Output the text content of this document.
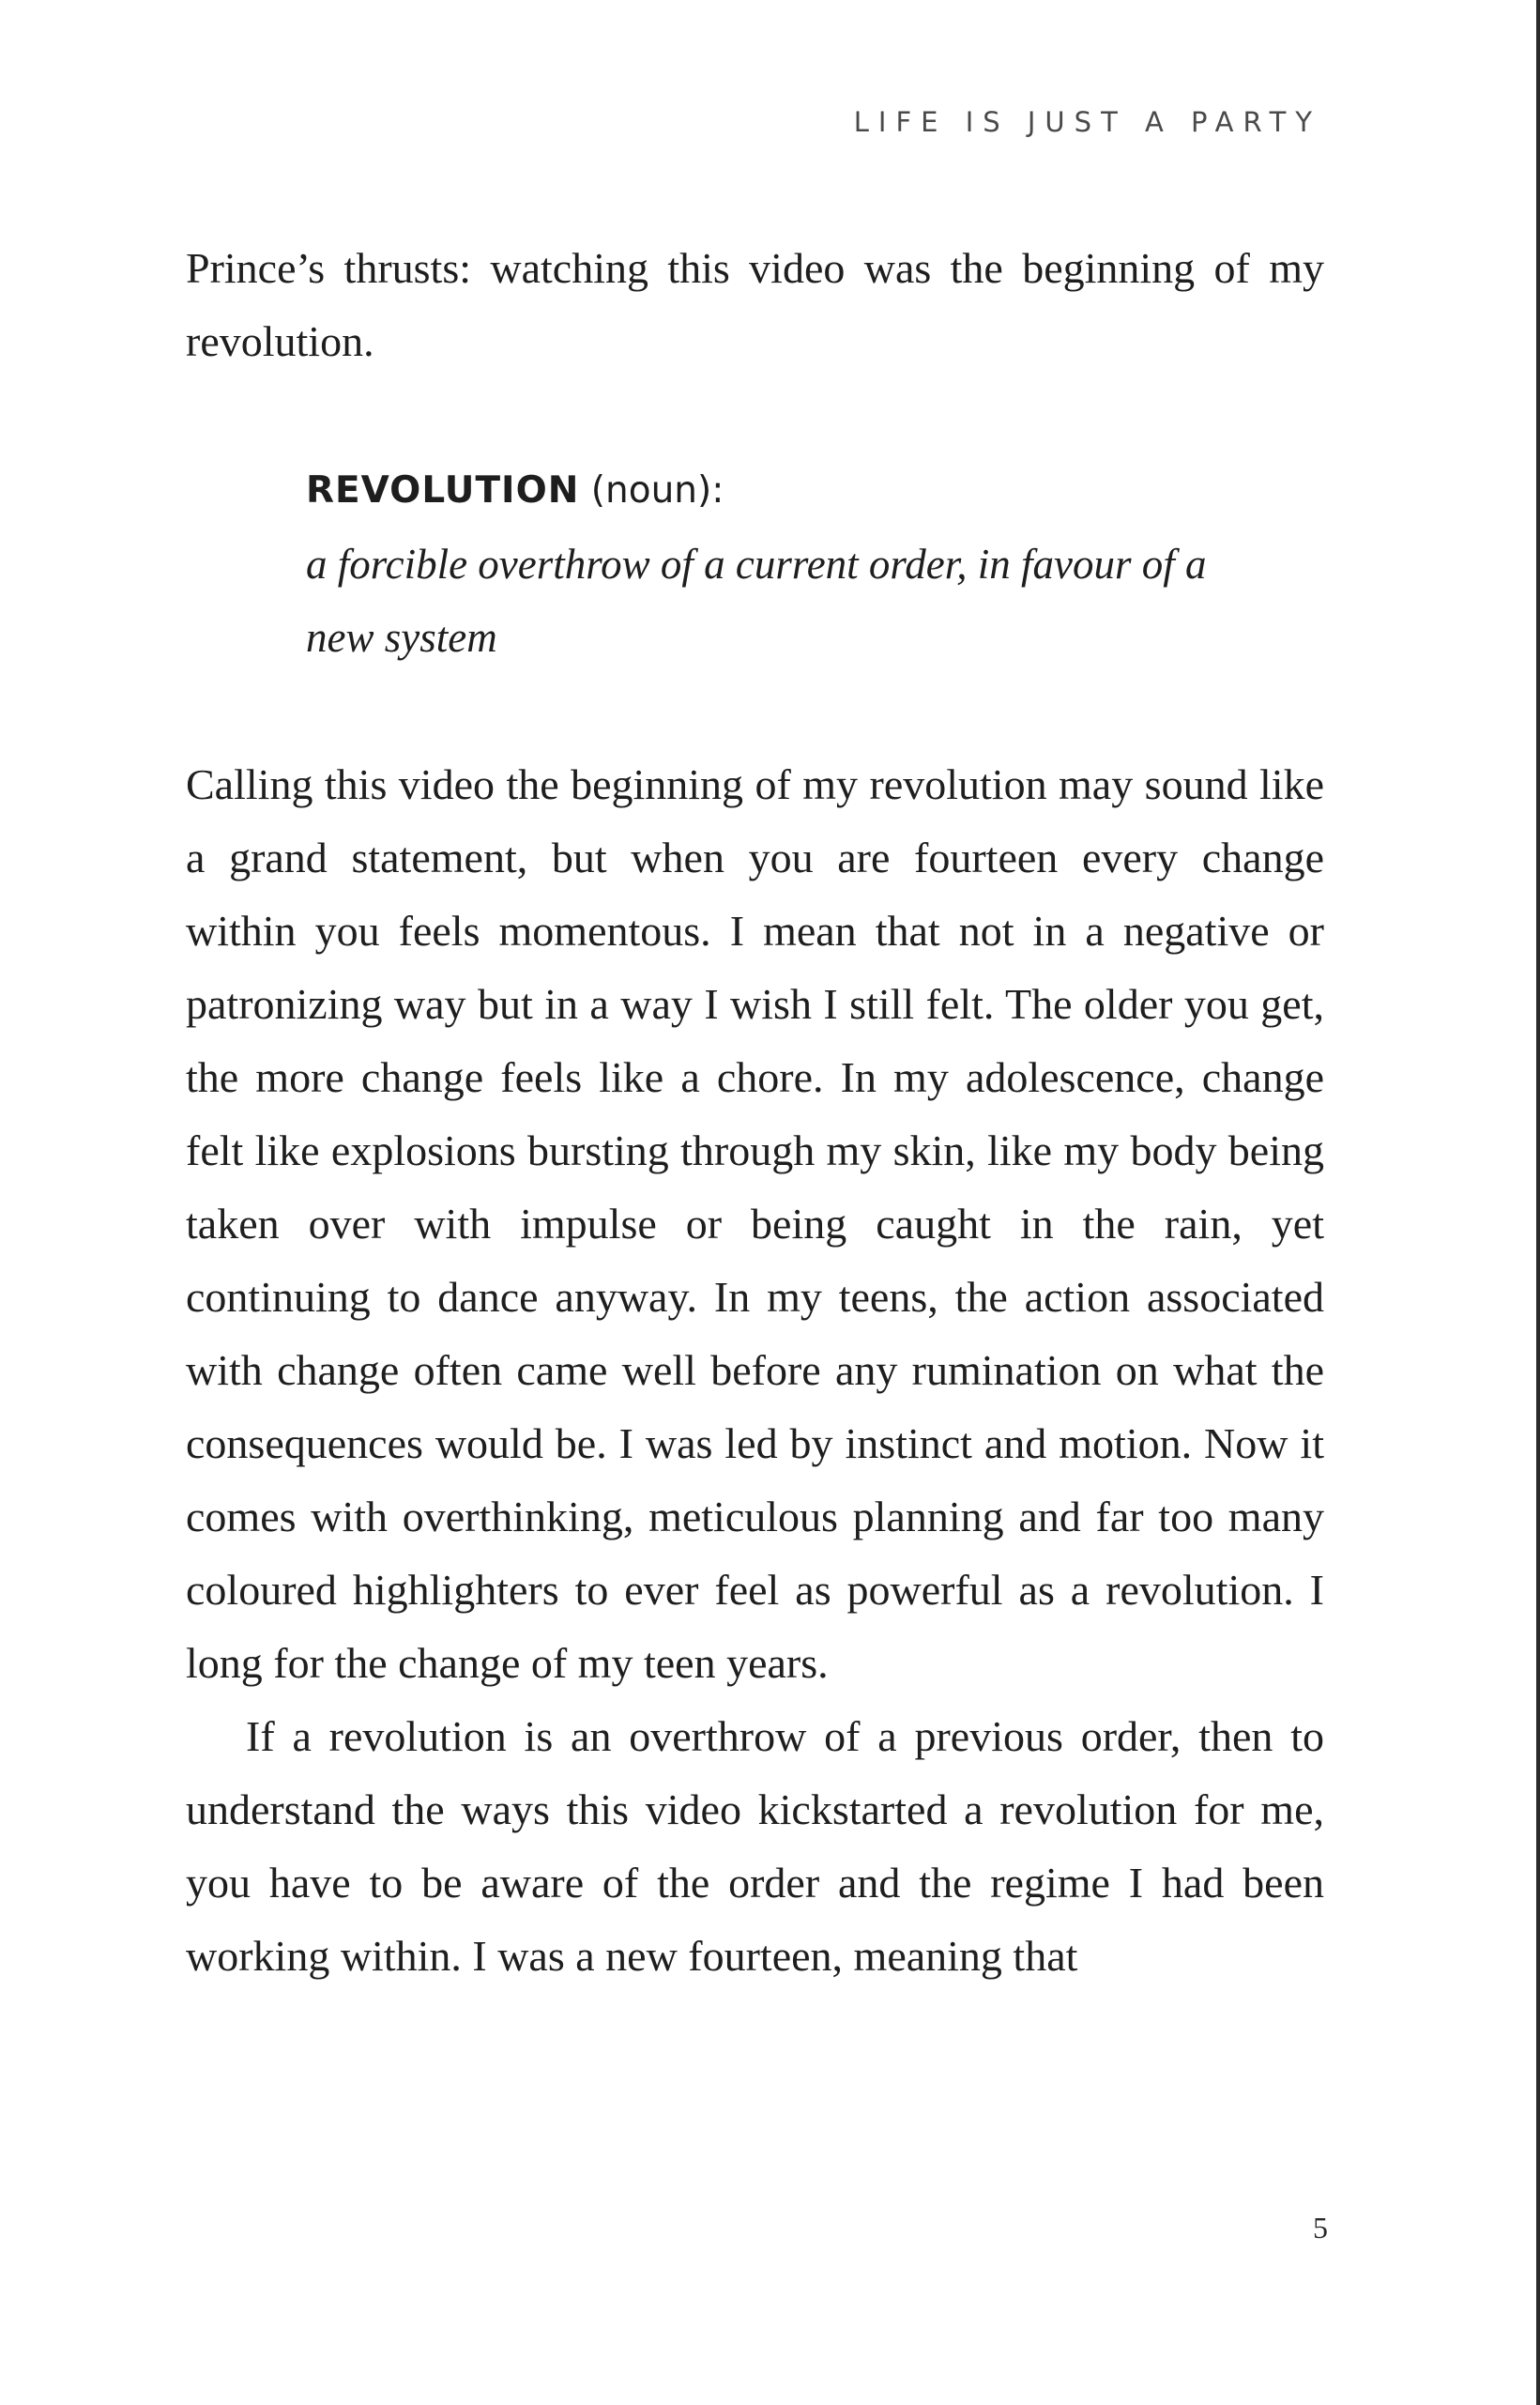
LIFE IS JUST A PARTY

Prince’s thrusts: watching this video was the beginning of my revolution.

REVOLUTION (noun):
a forcible overthrow of a current order, in favour of a new system

Calling this video the beginning of my revolution may sound like a grand statement, but when you are fourteen every change within you feels momentous. I mean that not in a negative or patronizing way but in a way I wish I still felt. The older you get, the more change feels like a chore. In my adolescence, change felt like explosions bursting through my skin, like my body being taken over with impulse or being caught in the rain, yet continuing to dance anyway. In my teens, the action associated with change often came well before any rumination on what the consequences would be. I was led by instinct and motion. Now it comes with overthinking, meticulous planning and far too many coloured highlighters to ever feel as powerful as a revolution. I long for the change of my teen years.

If a revolution is an overthrow of a previous order, then to understand the ways this video kickstarted a revolution for me, you have to be aware of the order and the regime I had been working within. I was a new fourteen, meaning that

5
